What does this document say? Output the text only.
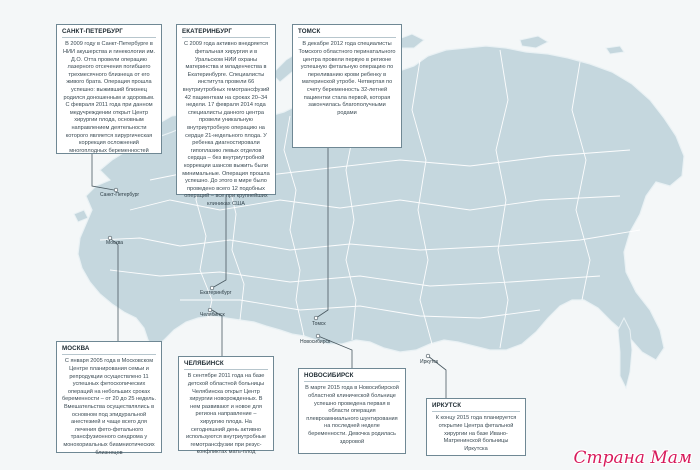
Санкт-Петербург
Москва
Екатеринбург
Челябинск
Томск
Новосибирск
Иркутск
САНКТ-ПЕТЕРБУРГ
В 2009 году в Санкт-Петербурге в НИИ акушерства и гинекологии им. Д.О. Отта провели операцию лазерного отсечения погибшего трехмесячного близнеца от его живого брата. Операция прошла успешно: выживший близнец родился доношенным и здоровым. С февраля 2011 года при данном медучреждении открыт Центр хирургии плода, основным направлением деятельности которого является хирургическая коррекция осложнений многоплодных беременностей
ЕКАТЕРИНБУРГ
С 2009 года активно внедряется фетальная хирургия и в Уральском НИИ охраны материнства и младенчества в Екатеринбурге. Специалисты института провели 66 внутриутробных гемотрансфузий 42 пациенткам на сроках 20–34 недели. 17 февраля 2014 года специалисты данного центра провели уникальную внутриутробную операцию на сердце 21-недельного плода. У ребенка диагностировали гипоплазию левых отделов сердца – без внутриутробной коррекции шансов выжить были минимальные. Операция прошла успешно. До этого в мире было проведено всего 12 подобных операций – все при крупнейших клиниках США
ТОМСК
В декабре 2012 года специалисты Томского областного перинатального центра провели первую в регионе успешную фетальную операцию по переливанию крови ребенку в материнской утробе. Четвертая по счету беременность 32-летней пациентки стала первой, которая закончилась благополучными родами
МОСКВА
С января 2005 года в Московском Центре планирования семьи и репродукции осуществлено 11 успешных фетоскопических операций на небольших сроках беременности – от 20 до 25 недель. Вмешательства осуществлялись в основном под эпидуральной анестезией и чаще всего для лечения фето-фетального трансфузионного синдрома у монохориальных биамниотических близнецов
ЧЕЛЯБИНСК
В сентябре 2011 года на базе детской областной больницы Челябинска открыт Центр хирургии новорожденных. В нем развивают и новое для региона направление – хирургию плода. На сегодняшний день активно используются внутриутробные гемотрансфузии при резус-конфликтах мать-плод
НОВОСИБИРСК
В марте 2015 года в Новосибирской областной клинической больнице успешно проведена первая в области операция плевроамниального шунтирования на последней неделе беременности. Девочка родилась здоровой
ИРКУТСК
К концу 2015 года планируется открытие Центра фетальной хирургии на базе Ивано-Матренинской больницы Иркутска	Страна Мам
